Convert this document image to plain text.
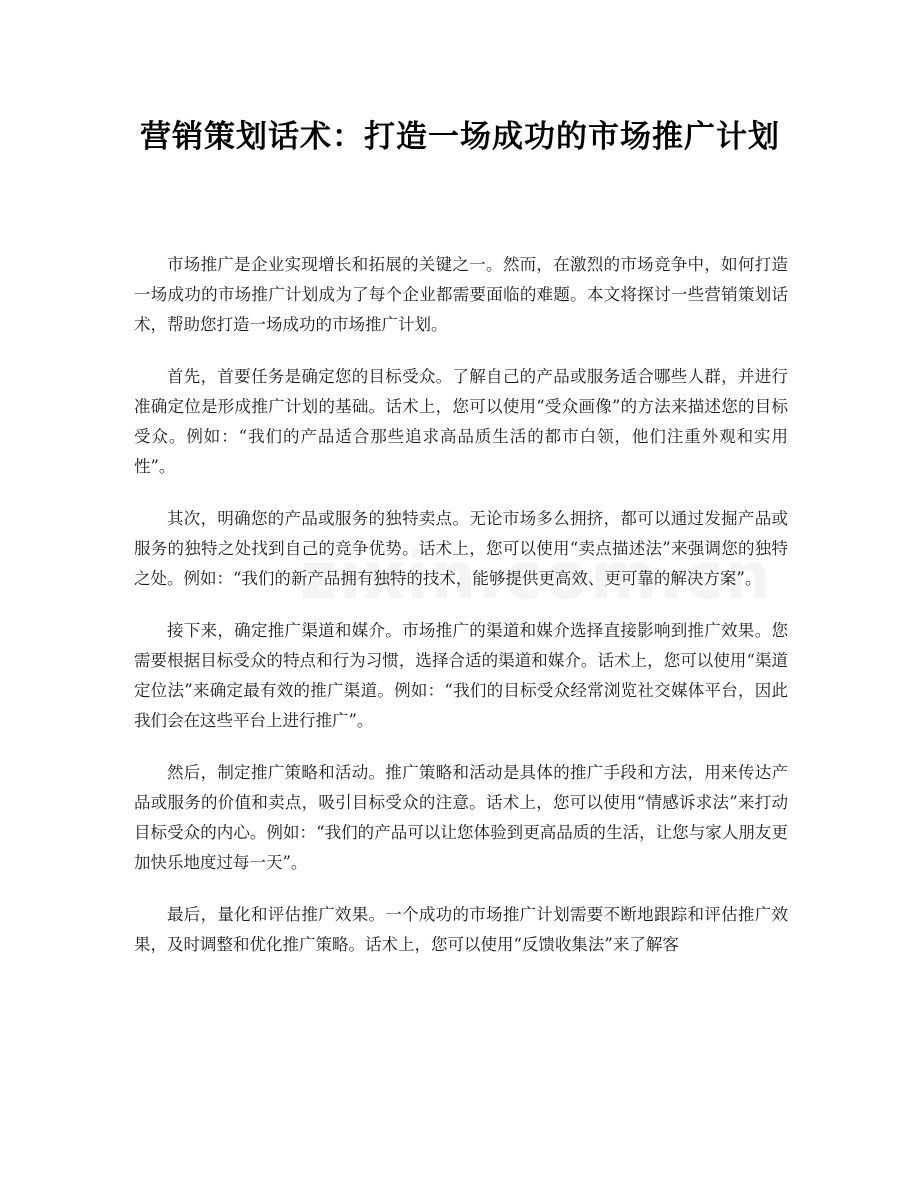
营销策划话术：打造一场成功的市场推广计划

市场推广是企业实现增长和拓展的关键之一。然而，在激烈的市场竞争中，如何打造一场成功的市场推广计划成为了每个企业都需要面临的难题。本文将探讨一些营销策划话术，帮助您打造一场成功的市场推广计划。

首先，首要任务是确定您的目标受众。了解自己的产品或服务适合哪些人群，并进行准确定位是形成推广计划的基础。话术上，您可以使用“受众画像”的方法来描述您的目标受众。例如：“我们的产品适合那些追求高品质生活的都市白领，他们注重外观和实用性”。

其次，明确您的产品或服务的独特卖点。无论市场多么拥挤，都可以通过发掘产品或服务的独特之处找到自己的竞争优势。话术上，您可以使用“卖点描述法”来强调您的独特之处。例如：“我们的新产品拥有独特的技术，能够提供更高效、更可靠的解决方案”。

接下来，确定推广渠道和媒介。市场推广的渠道和媒介选择直接影响到推广效果。您需要根据目标受众的特点和行为习惯，选择合适的渠道和媒介。话术上，您可以使用“渠道定位法”来确定最有效的推广渠道。例如：“我们的目标受众经常浏览社交媒体平台，因此我们会在这些平台上进行推广”。

然后，制定推广策略和活动。推广策略和活动是具体的推广手段和方法，用来传达产品或服务的价值和卖点，吸引目标受众的注意。话术上，您可以使用“情感诉求法”来打动目标受众的内心。例如：“我们的产品可以让您体验到更高品质的生活，让您与家人朋友更加快乐地度过每一天”。

最后，量化和评估推广效果。一个成功的市场推广计划需要不断地跟踪和评估推广效果，及时调整和优化推广策略。话术上，您可以使用“反馈收集法”来了解客
